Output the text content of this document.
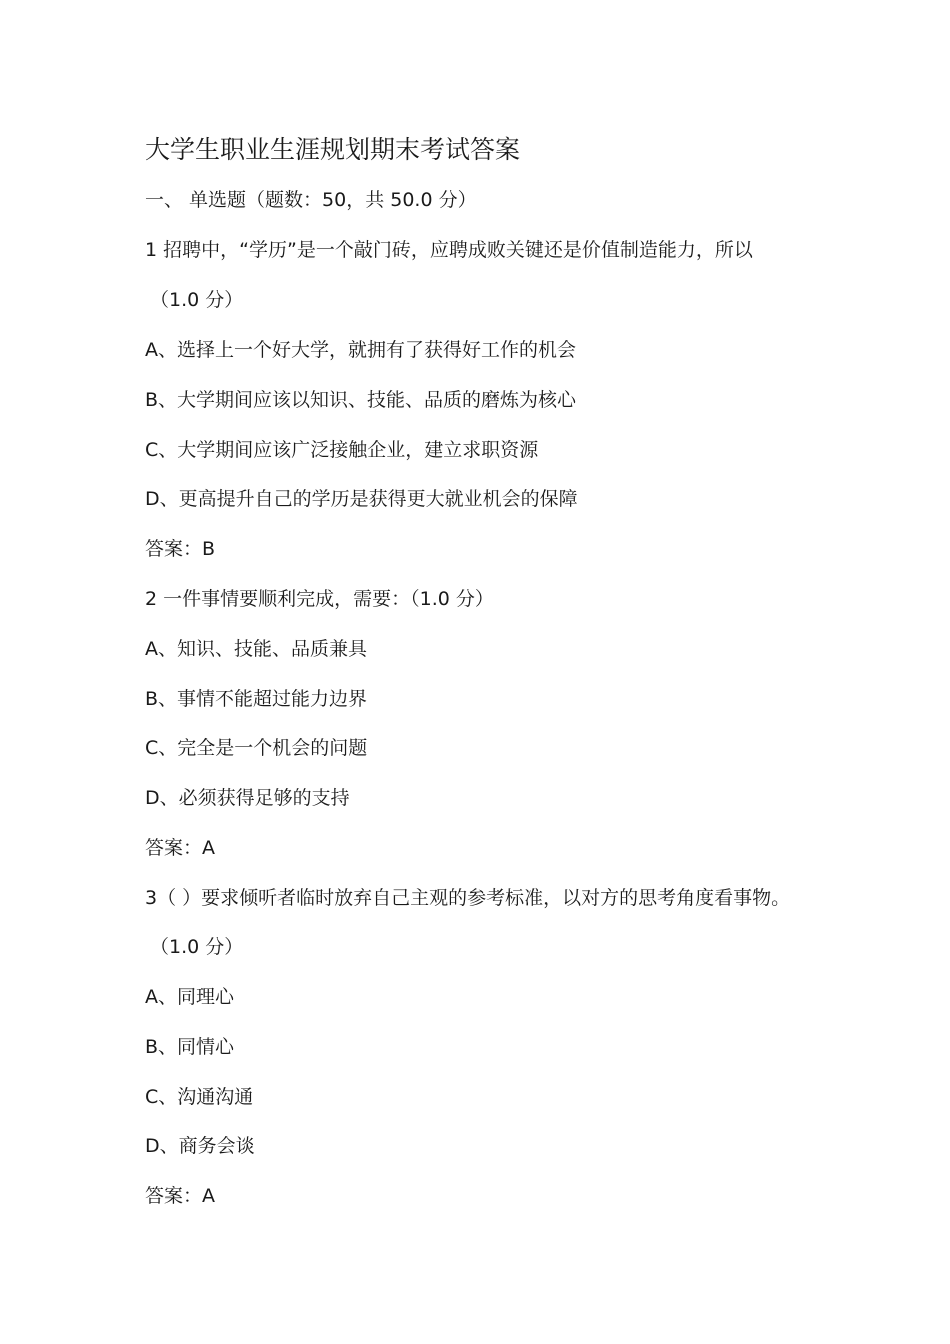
大学生职业生涯规划期末考试答案
一、 单选题（题数：50，共 50.0 分）
1 招聘中，“学历”是一个敲门砖，应聘成败关键还是价值制造能力，所以
（1.0 分）
A、选择上一个好大学，就拥有了获得好工作的机会
B、大学期间应该以知识、技能、品质的磨炼为核心
C、大学期间应该广泛接触企业，建立求职资源
D、更高提升自己的学历是获得更大就业机会的保障
答案：B
2 一件事情要顺利完成，需要：（1.0 分）
A、知识、技能、品质兼具
B、事情不能超过能力边界
C、完全是一个机会的问题
D、必须获得足够的支持
答案：A
3（ ）要求倾听者临时放弃自己主观的参考标准，以对方的思考角度看事物。
（1.0 分）
A、同理心
B、同情心
C、沟通沟通
D、商务会谈
答案：A
